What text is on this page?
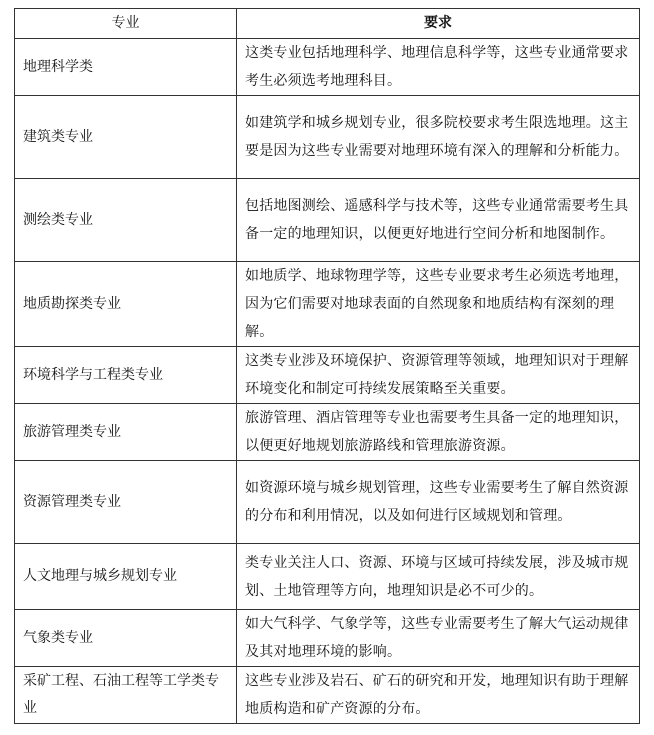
专业	要求
地理科学类	这类专业包括地理科学、地理信息科学等，这些专业通常要求考生必须选考地理科目。
建筑类专业	如建筑学和城乡规划专业，很多院校要求考生限选地理。这主要是因为这些专业需要对地理环境有深入的理解和分析能力。
测绘类专业	包括地图测绘、遥感科学与技术等，这些专业通常需要考生具备一定的地理知识，以便更好地进行空间分析和地图制作。
地质勘探类专业	如地质学、地球物理学等，这些专业要求考生必须选考地理，因为它们需要对地球表面的自然现象和地质结构有深刻的理解。
环境科学与工程类专业	这类专业涉及环境保护、资源管理等领域，地理知识对于理解环境变化和制定可持续发展策略至关重要。
旅游管理类专业	旅游管理、酒店管理等专业也需要考生具备一定的地理知识，以便更好地规划旅游路线和管理旅游资源。
资源管理类专业	如资源环境与城乡规划管理，这些专业需要考生了解自然资源的分布和利用情况，以及如何进行区域规划和管理。
人文地理与城乡规划专业	类专业关注人口、资源、环境与区域可持续发展，涉及城市规划、土地管理等方向，地理知识是必不可少的。
气象类专业	如大气科学、气象学等，这些专业需要考生了解大气运动规律及其对地理环境的影响。
采矿工程、石油工程等工学类专业	这些专业涉及岩石、矿石的研究和开发，地理知识有助于理解地质构造和矿产资源的分布。
